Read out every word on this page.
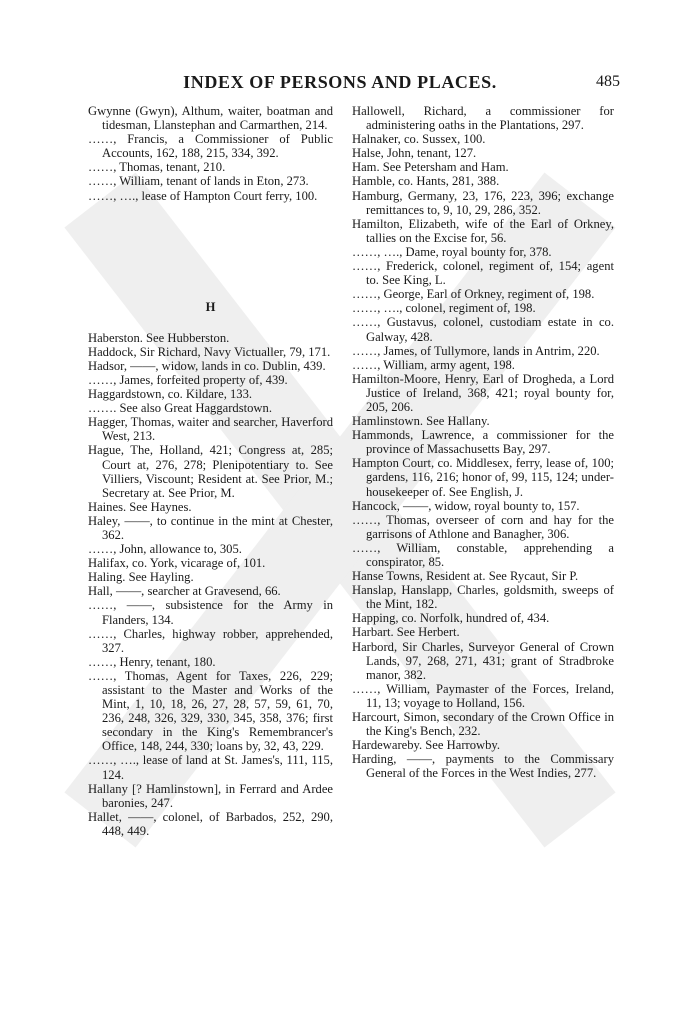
INDEX OF PERSONS AND PLACES.	485
Gwynne (Gwyn), Althum, waiter, boatman and tidesman, Llanstephan and Carmarthen, 214.
……, Francis, a Commissioner of Public Accounts, 162, 188, 215, 334, 392.
……, Thomas, tenant, 210.
……, William, tenant of lands in Eton, 273.
……, …., lease of Hampton Court ferry, 100.
H
Haberston. See Hubberston.
Haddock, Sir Richard, Navy Victualler, 79, 171.
Hadsor, ——, widow, lands in co. Dublin, 439.
……, James, forfeited property of, 439.
Haggardstown, co. Kildare, 133.
……. See also Great Haggardstown.
Hagger, Thomas, waiter and searcher, Haverford West, 213.
Hague, The, Holland, 421; Congress at, 285; Court at, 276, 278; Plenipotentiary to. See Villiers, Viscount; Resident at. See Prior, M.; Secretary at. See Prior, M.
Haines. See Haynes.
Haley, ——, to continue in the mint at Chester, 362.
……, John, allowance to, 305.
Halifax, co. York, vicarage of, 101.
Haling. See Hayling.
Hall, ——, searcher at Gravesend, 66.
……, ——, subsistence for the Army in Flanders, 134.
……, Charles, highway robber, apprehended, 327.
……, Henry, tenant, 180.
……, Thomas, Agent for Taxes, 226, 229; assistant to the Master and Works of the Mint, 1, 10, 18, 26, 27, 28, 57, 59, 61, 70, 236, 248, 326, 329, 330, 345, 358, 376; first secondary in the King's Remembrancer's Office, 148, 244, 330; loans by, 32, 43, 229.
……, …., lease of land at St. James's, 111, 115, 124.
Hallany [? Hamlinstown], in Ferrard and Ardee baronies, 247.
Hallet, ——, colonel, of Barbados, 252, 290, 448, 449.
Hallowell, Richard, a commissioner for administering oaths in the Plantations, 297.
Halnaker, co. Sussex, 100.
Halse, John, tenant, 127.
Ham. See Petersham and Ham.
Hamble, co. Hants, 281, 388.
Hamburg, Germany, 23, 176, 223, 396; exchange remittances to, 9, 10, 29, 286, 352.
Hamilton, Elizabeth, wife of the Earl of Orkney, tallies on the Excise for, 56.
……, …., Dame, royal bounty for, 378.
……, Frederick, colonel, regiment of, 154; agent to. See King, L.
……, George, Earl of Orkney, regiment of, 198.
……, …., colonel, regiment of, 198.
……, Gustavus, colonel, custodiam estate in co. Galway, 428.
……, James, of Tullymore, lands in Antrim, 220.
……, William, army agent, 198.
Hamilton-Moore, Henry, Earl of Drogheda, a Lord Justice of Ireland, 368, 421; royal bounty for, 205, 206.
Hamlinstown. See Hallany.
Hammonds, Lawrence, a commissioner for the province of Massachusetts Bay, 297.
Hampton Court, co. Middlesex, ferry, lease of, 100; gardens, 116, 216; honor of, 99, 115, 124; under-housekeeper of. See English, J.
Hancock, ——, widow, royal bounty to, 157.
……, Thomas, overseer of corn and hay for the garrisons of Athlone and Banagher, 306.
……, William, constable, apprehending a conspirator, 85.
Hanse Towns, Resident at. See Rycaut, Sir P.
Hanslap, Hanslapp, Charles, goldsmith, sweeps of the Mint, 182.
Happing, co. Norfolk, hundred of, 434.
Harbart. See Herbert.
Harbord, Sir Charles, Surveyor General of Crown Lands, 97, 268, 271, 431; grant of Stradbroke manor, 382.
……, William, Paymaster of the Forces, Ireland, 11, 13; voyage to Holland, 156.
Harcourt, Simon, secondary of the Crown Office in the King's Bench, 232.
Hardewareby. See Harrowby.
Harding, ——, payments to the Commissary General of the Forces in the West Indies, 277.
